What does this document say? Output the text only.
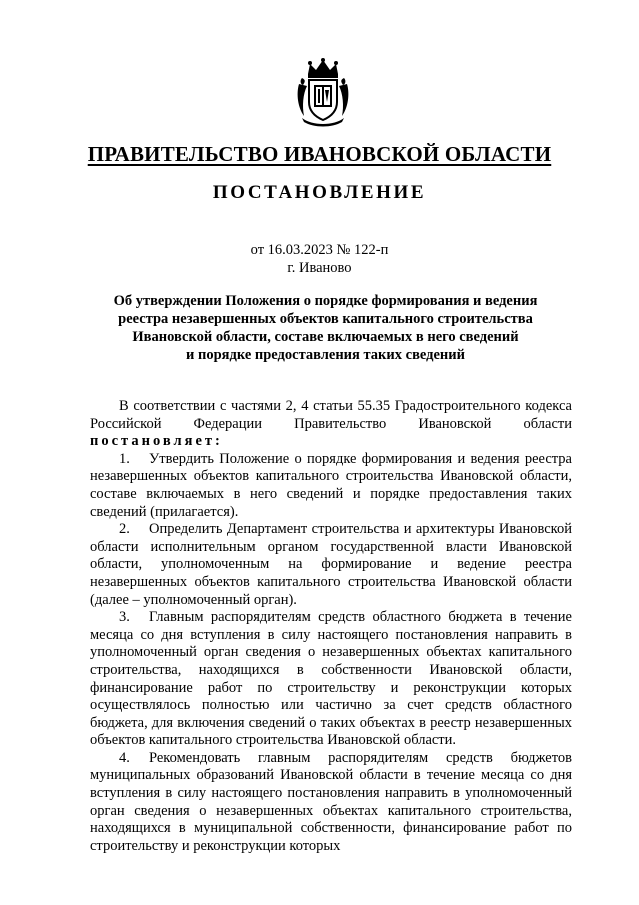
ПРАВИТЕЛЬСТВО ИВАНОВСКОЙ ОБЛАСТИ
ПОСТАНОВЛЕНИЕ
от 16.03.2023 № 122-п
г. Иваново
Об утверждении Положения о порядке формирования и ведения
реестра незавершенных объектов капитального строительства
Ивановской области, составе включаемых в него сведений
и порядке предоставления таких сведений

В соответствии с частями 2, 4 статьи 55.35 Градостроительного кодекса Российской Федерации Правительство Ивановской области постановляет:

1. Утвердить Положение о порядке формирования и ведения реестра незавершенных объектов капитального строительства Ивановской области, составе включаемых в него сведений и порядке предоставления таких сведений (прилагается).

2. Определить Департамент строительства и архитектуры Ивановской области исполнительным органом государственной власти Ивановской области, уполномоченным на формирование и ведение реестра незавершенных объектов капитального строительства Ивановской области (далее – уполномоченный орган).

3. Главным распорядителям средств областного бюджета в течение месяца со дня вступления в силу настоящего постановления направить в уполномоченный орган сведения о незавершенных объектах капитального строительства, находящихся в собственности Ивановской области, финансирование работ по строительству и реконструкции которых осуществлялось полностью или частично за счет средств областного бюджета, для включения сведений о таких объектах в реестр незавершенных объектов капитального строительства Ивановской области.

4. Рекомендовать главным распорядителям средств бюджетов муниципальных образований Ивановской области в течение месяца со дня вступления в силу настоящего постановления направить в уполномоченный орган сведения о незавершенных объектах капитального строительства, находящихся в муниципальной собственности, финансирование работ по строительству и реконструкции которых
